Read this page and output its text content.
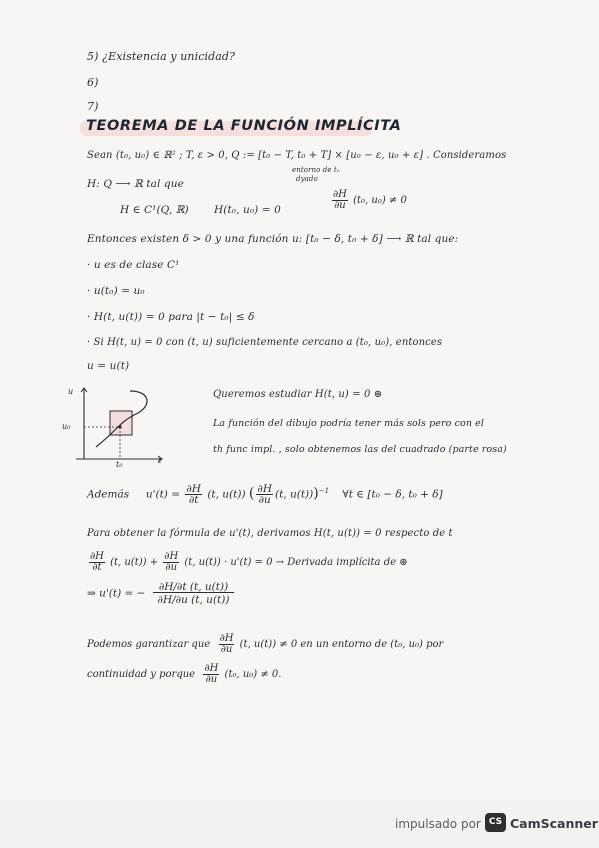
5) ¿Existencia y unicidad?
6)
7)
TEOREMA DE LA FUNCIÓN IMPLÍCITA
Sean (t₀, u₀) ∈ ℝ² ; T, ε > 0, Q := [t₀ − T, t₀ + T] × [u₀ − ε, u₀ + ε] . Consideramos
entorno de t₀
dyado
H: Q ⟶ ℝ tal que
H ∈ C¹(Q, ℝ) H(t₀, u₀) = 0	$\frac{\partial H}{\partial u} (t_0$, u₀) ≠ 0
Entonces existen δ > 0 y una función u: [t₀ − δ, t₀ + δ] ⟶ ℝ tal que:
· u es de clase C¹
· u(t₀) = u₀
· H(t, u(t)) = 0 para |t − t₀| ≤ δ
· Si H(t, u) = 0 con (t, u) suficientemente cercano a (t₀, u₀), entonces
u = u(t)
u
u₀
t
t₀
Queremos estudiar H(t, u) = 0 ⊛
La función del dibujo podría tener más sols pero con el
th func impl. , solo obtenemos las del cuadrado (parte rosa)
Además $u'(t) = \frac{\partial H}{\partial t} (t$, u(t)) ( $\frac{\partial H}{\partial u} (t$, u(t)))$^{-1}$ ∀t ∈ [t₀ − δ, t₀ + δ]
Para obtener la fórmula de u'(t), derivamos H(t, u(t)) = 0 respecto de t
$\frac{\partial H}{\partial t} (t$, $u(t)) + \frac{\partial H}{\partial u} (t$, u(t)) · u'(t) = 0 → Derivada implícita de ⊛
⇒ u'(t) = − $\frac{\partial H/\partial t (t, u(t))}{\partial H/\partial u (t, u(t))}$
Podemos garantizar que $\frac{\partial H}{\partial u} (t$, u(t)) ≠ 0 en un entorno de (t₀, u₀) por
continuidad y porque $\frac{\partial H}{\partial u} (t_0$, u₀) ≠ 0.
impulsado por CS CamScanner
